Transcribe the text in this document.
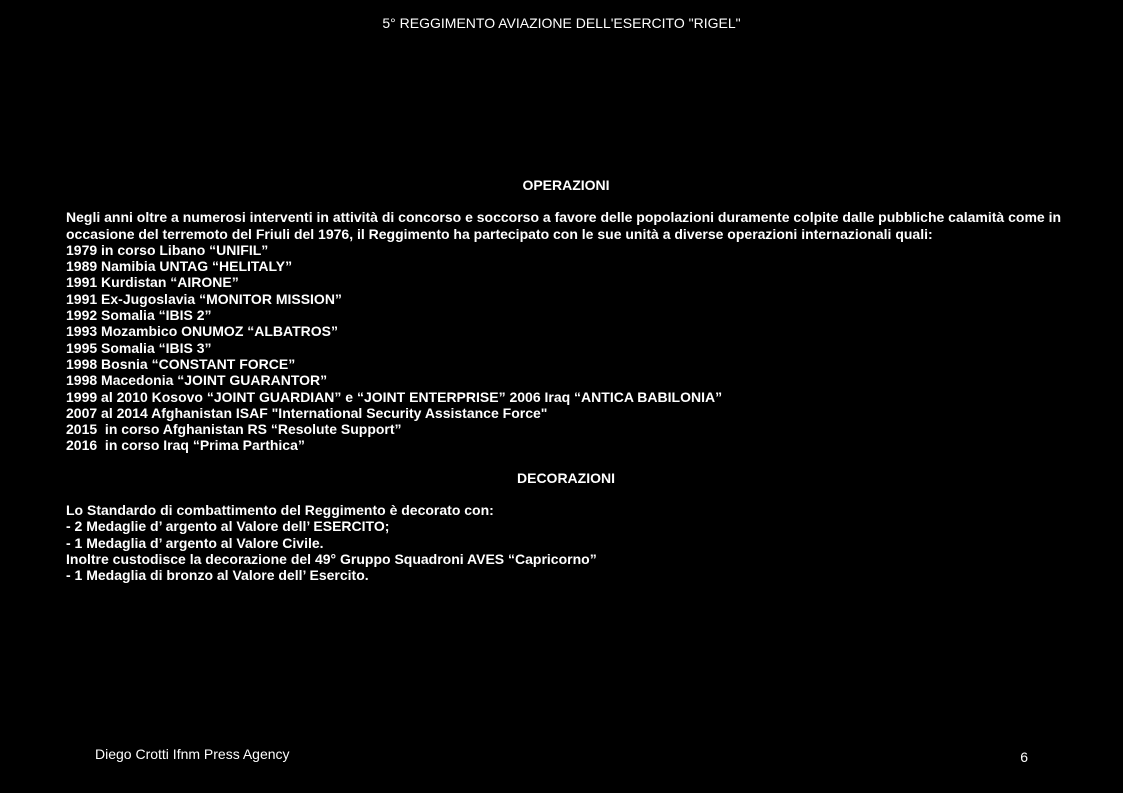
5° REGGIMENTO AVIAZIONE DELL'ESERCITO "RIGEL"
OPERAZIONI

Negli anni oltre a numerosi interventi in attività di concorso e soccorso a favore delle popolazioni duramente colpite dalle pubbliche calamità come in occasione del terremoto del Friuli del 1976, il Reggimento ha partecipato con le sue unità a diverse operazioni internazionali quali:

1979 in corso Libano “UNIFIL”
1989 Namibia UNTAG “HELITALY”
1991 Kurdistan “AIRONE”
1991 Ex-Jugoslavia “MONITOR MISSION”
1992 Somalia “IBIS 2”
1993 Mozambico ONUMOZ “ALBATROS”
1995 Somalia “IBIS 3”
1998 Bosnia “CONSTANT FORCE”
1998 Macedonia “JOINT GUARANTOR”
1999 al 2010 Kosovo “JOINT GUARDIAN” e “JOINT ENTERPRISE” 2006 Iraq “ANTICA BABILONIA”
2007 al 2014 Afghanistan ISAF "International Security Assistance Force"
2015  in corso Afghanistan RS “Resolute Support”
2016  in corso Iraq “Prima Parthica”
DECORAZIONI
Lo Standardo di combattimento del Reggimento è decorato con:
- 2 Medaglie d’ argento al Valore dell’ ESERCITO;
- 1 Medaglia d’ argento al Valore Civile.
Inoltre custodisce la decorazione del 49° Gruppo Squadroni AVES “Capricorno”
- 1 Medaglia di bronzo al Valore dell’ Esercito.
Diego Crotti Ifnm Press Agency	6
